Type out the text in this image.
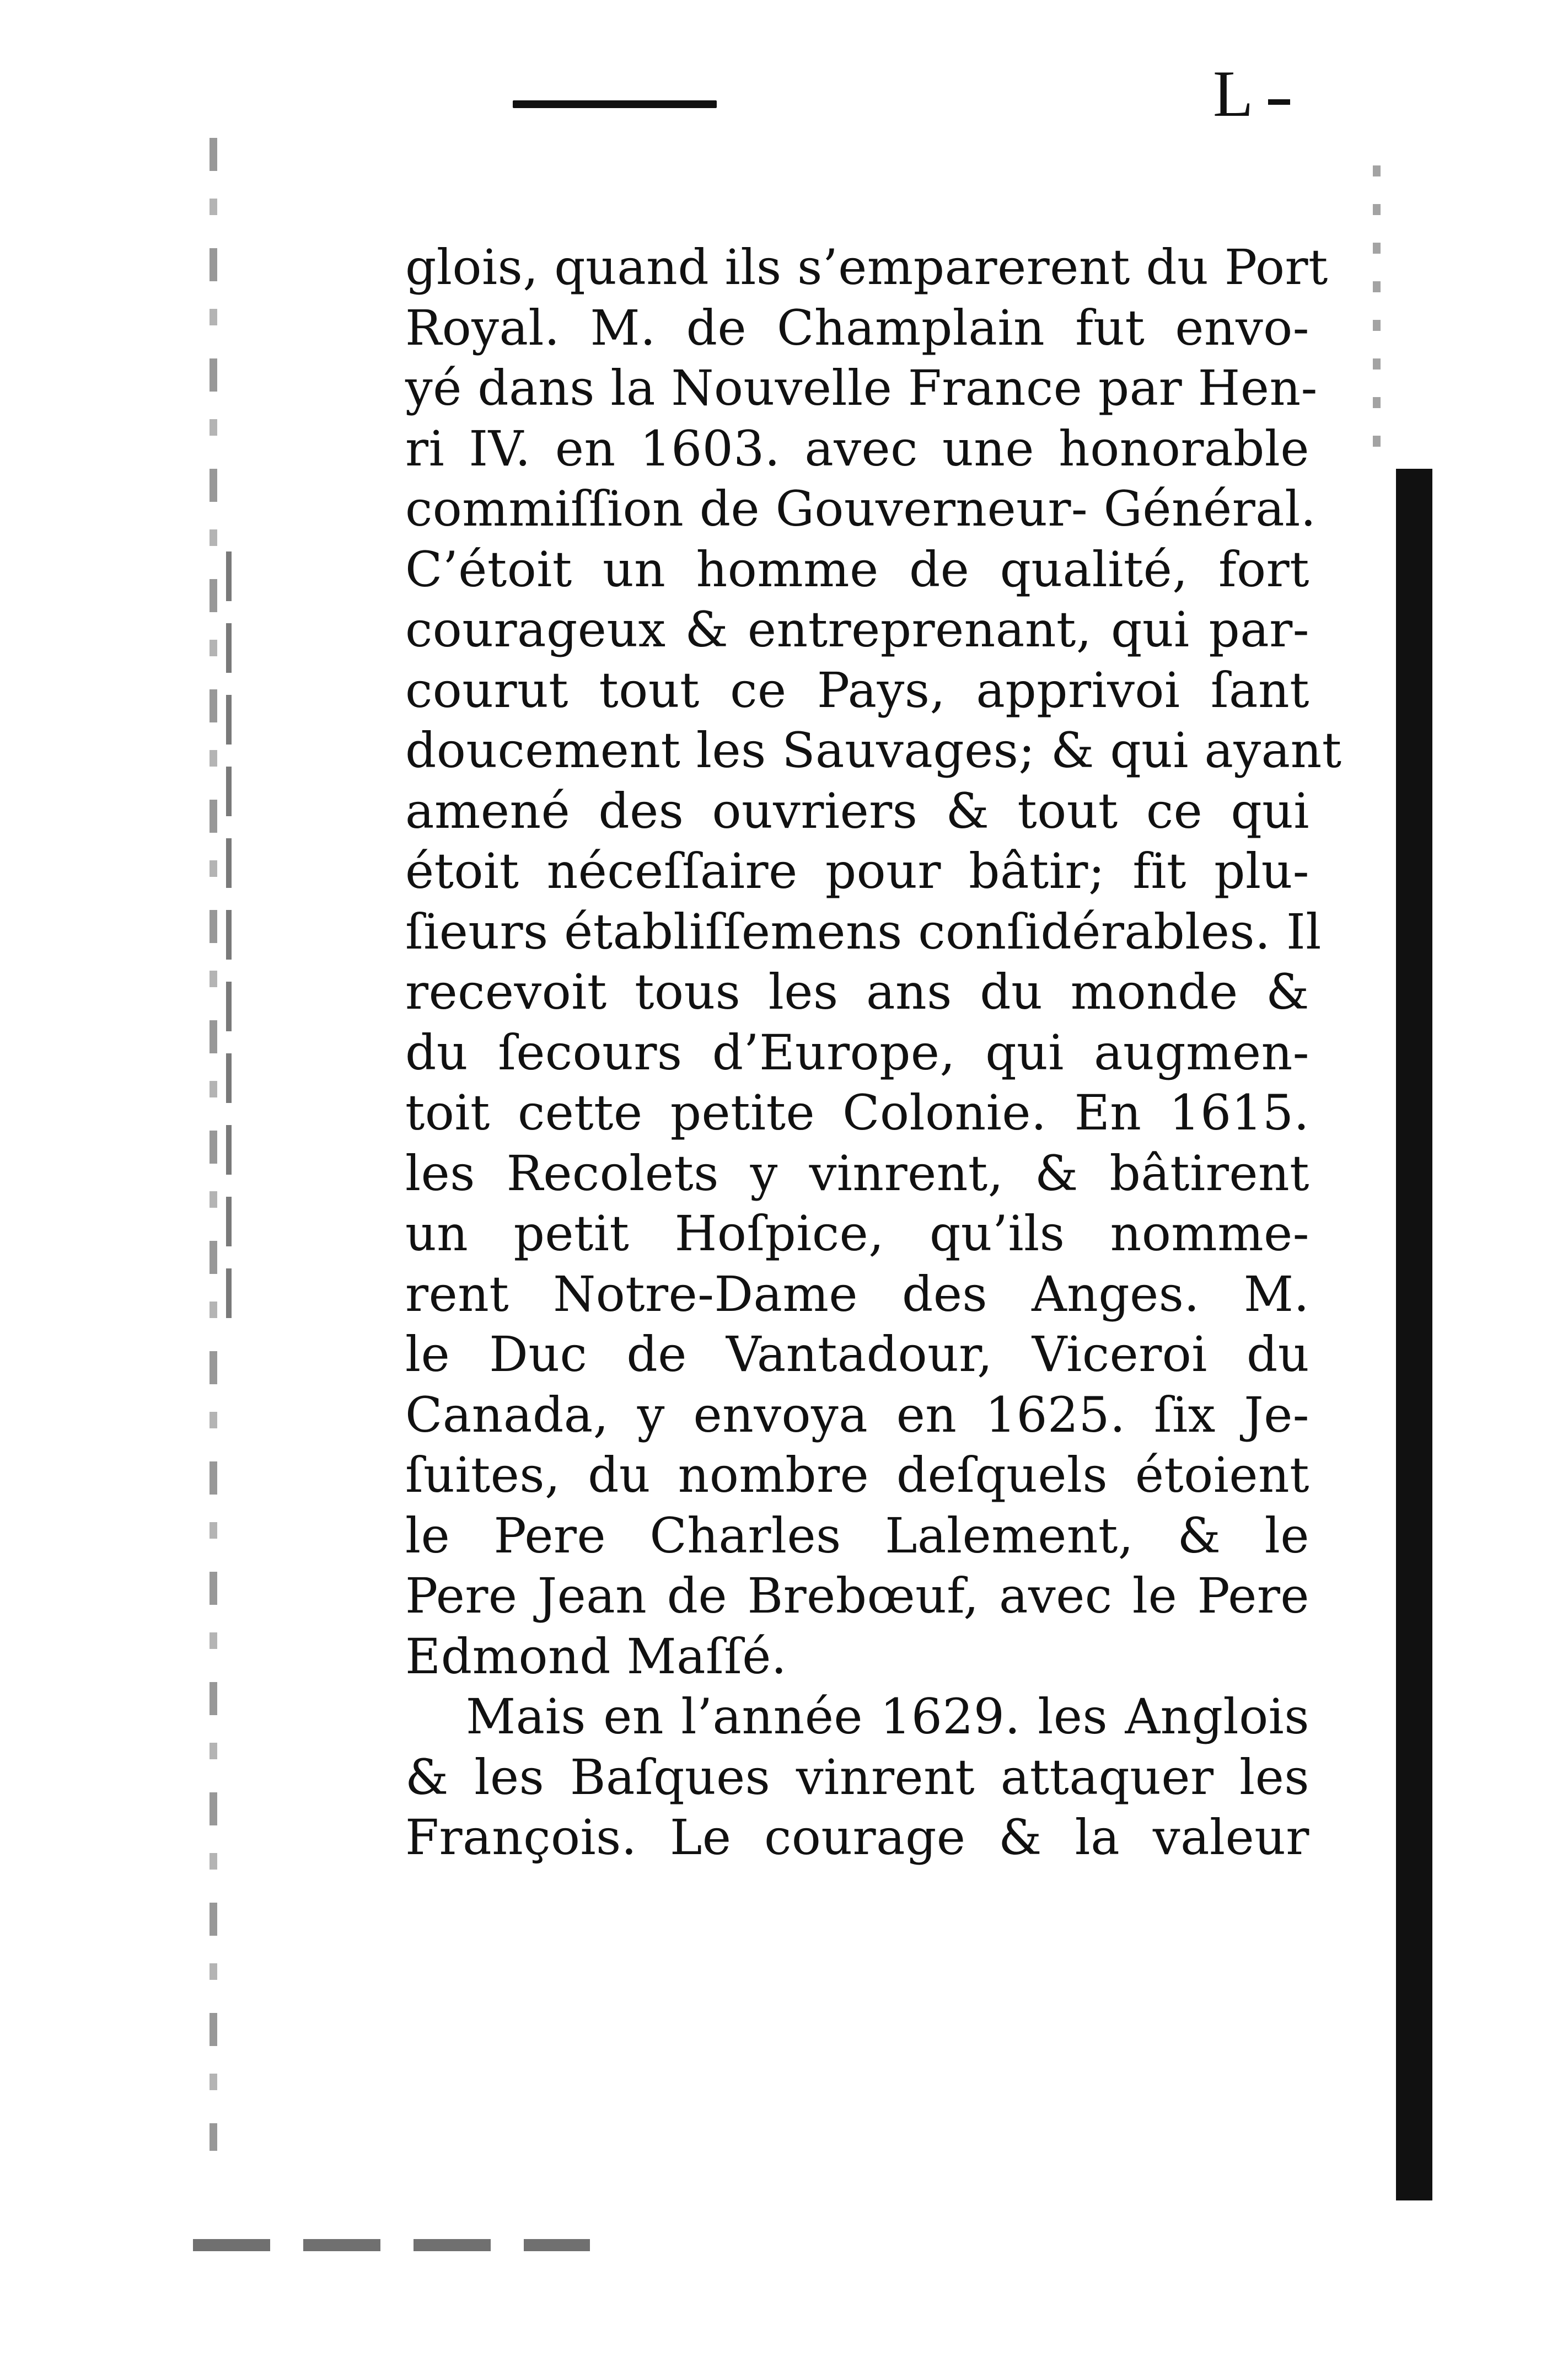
L
glois, quand ils s’emparerent du Port
Royal. M. de Champlain fut envo-
yé dans la Nouvelle France par Hen-
ri IV. en 1603. avec une honorable
commiſſion de Gouverneur- Général.
C’étoit un homme de qualité, fort
courageux & entreprenant, qui par-
courut tout ce Pays, apprivoi ſant
doucement les Sauvages; & qui ayant
amené des ouvriers & tout ce qui
étoit néceſſaire pour bâtir; fit plu-
ſieurs établiſſemens conſidérables. Il
recevoit tous les ans du monde &
du ſecours d’Europe, qui augmen-
toit cette petite Colonie. En 1615.
les Recolets y vinrent, & bâtirent
un petit Hoſpice, qu’ils nomme-
rent Notre-Dame des Anges. M.
le Duc de Vantadour, Viceroi du
Canada, y envoya en 1625. ſix Je-
ſuites, du nombre deſquels étoient
le Pere Charles Lalement, & le
Pere Jean de Brebœuf, avec le Pere
Edmond Maſſé.
Mais en l’année 1629. les Anglois
& les Baſques vinrent attaquer les
François. Le courage & la valeur
